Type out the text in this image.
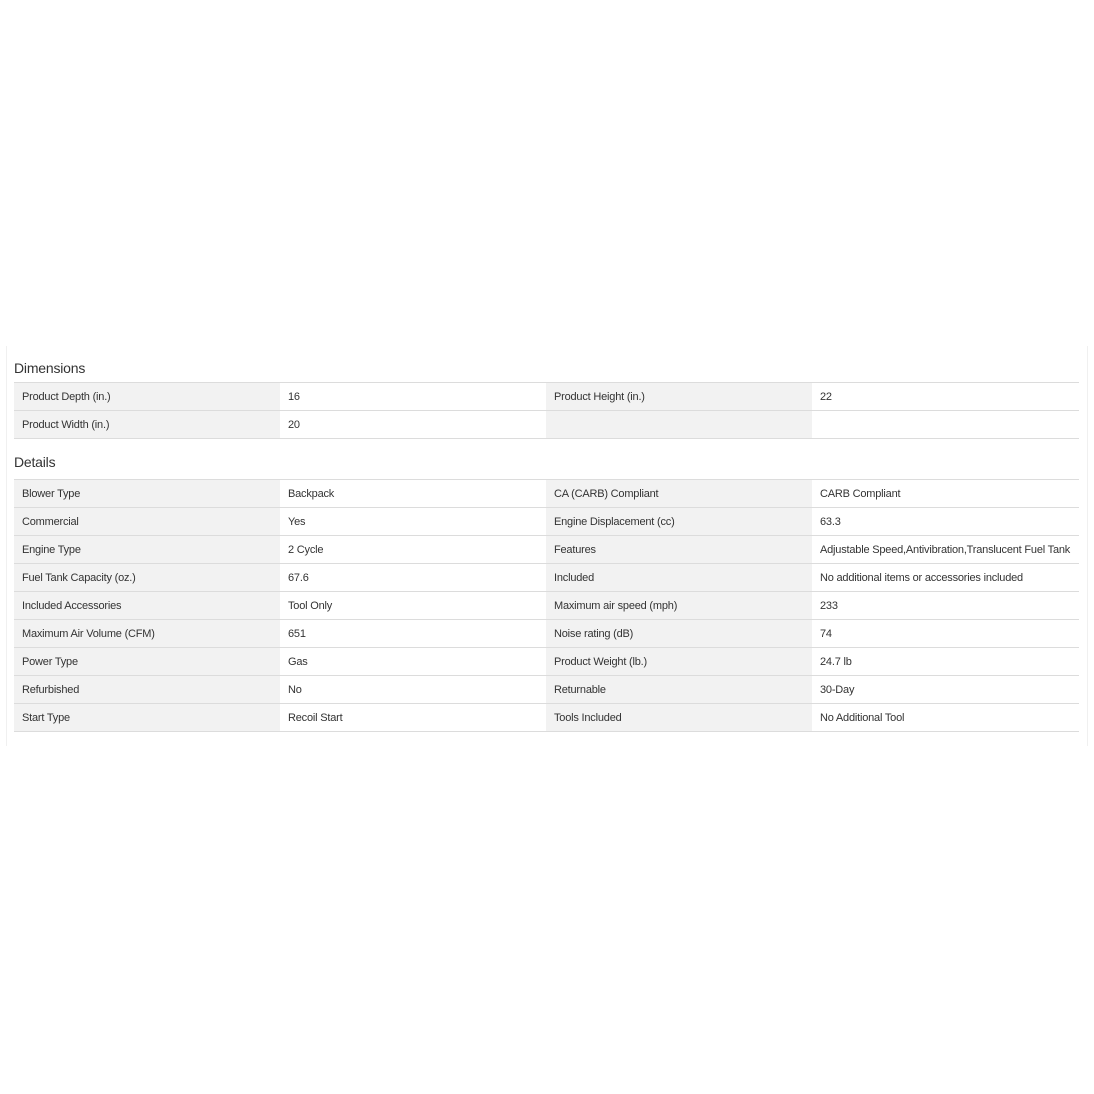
Dimensions
Product Depth (in.)	16	Product Height (in.)	22
Product Width (in.)	20		
Details
Blower Type	Backpack	CA (CARB) Compliant	CARB Compliant
Commercial	Yes	Engine Displacement (cc)	63.3
Engine Type	2 Cycle	Features	Adjustable Speed,Antivibration,Translucent Fuel Tank
Fuel Tank Capacity (oz.)	67.6	Included	No additional items or accessories included
Included Accessories	Tool Only	Maximum air speed (mph)	233
Maximum Air Volume (CFM)	651	Noise rating (dB)	74
Power Type	Gas	Product Weight (lb.)	24.7 lb
Refurbished	No	Returnable	30-Day
Start Type	Recoil Start	Tools Included	No Additional Tool
